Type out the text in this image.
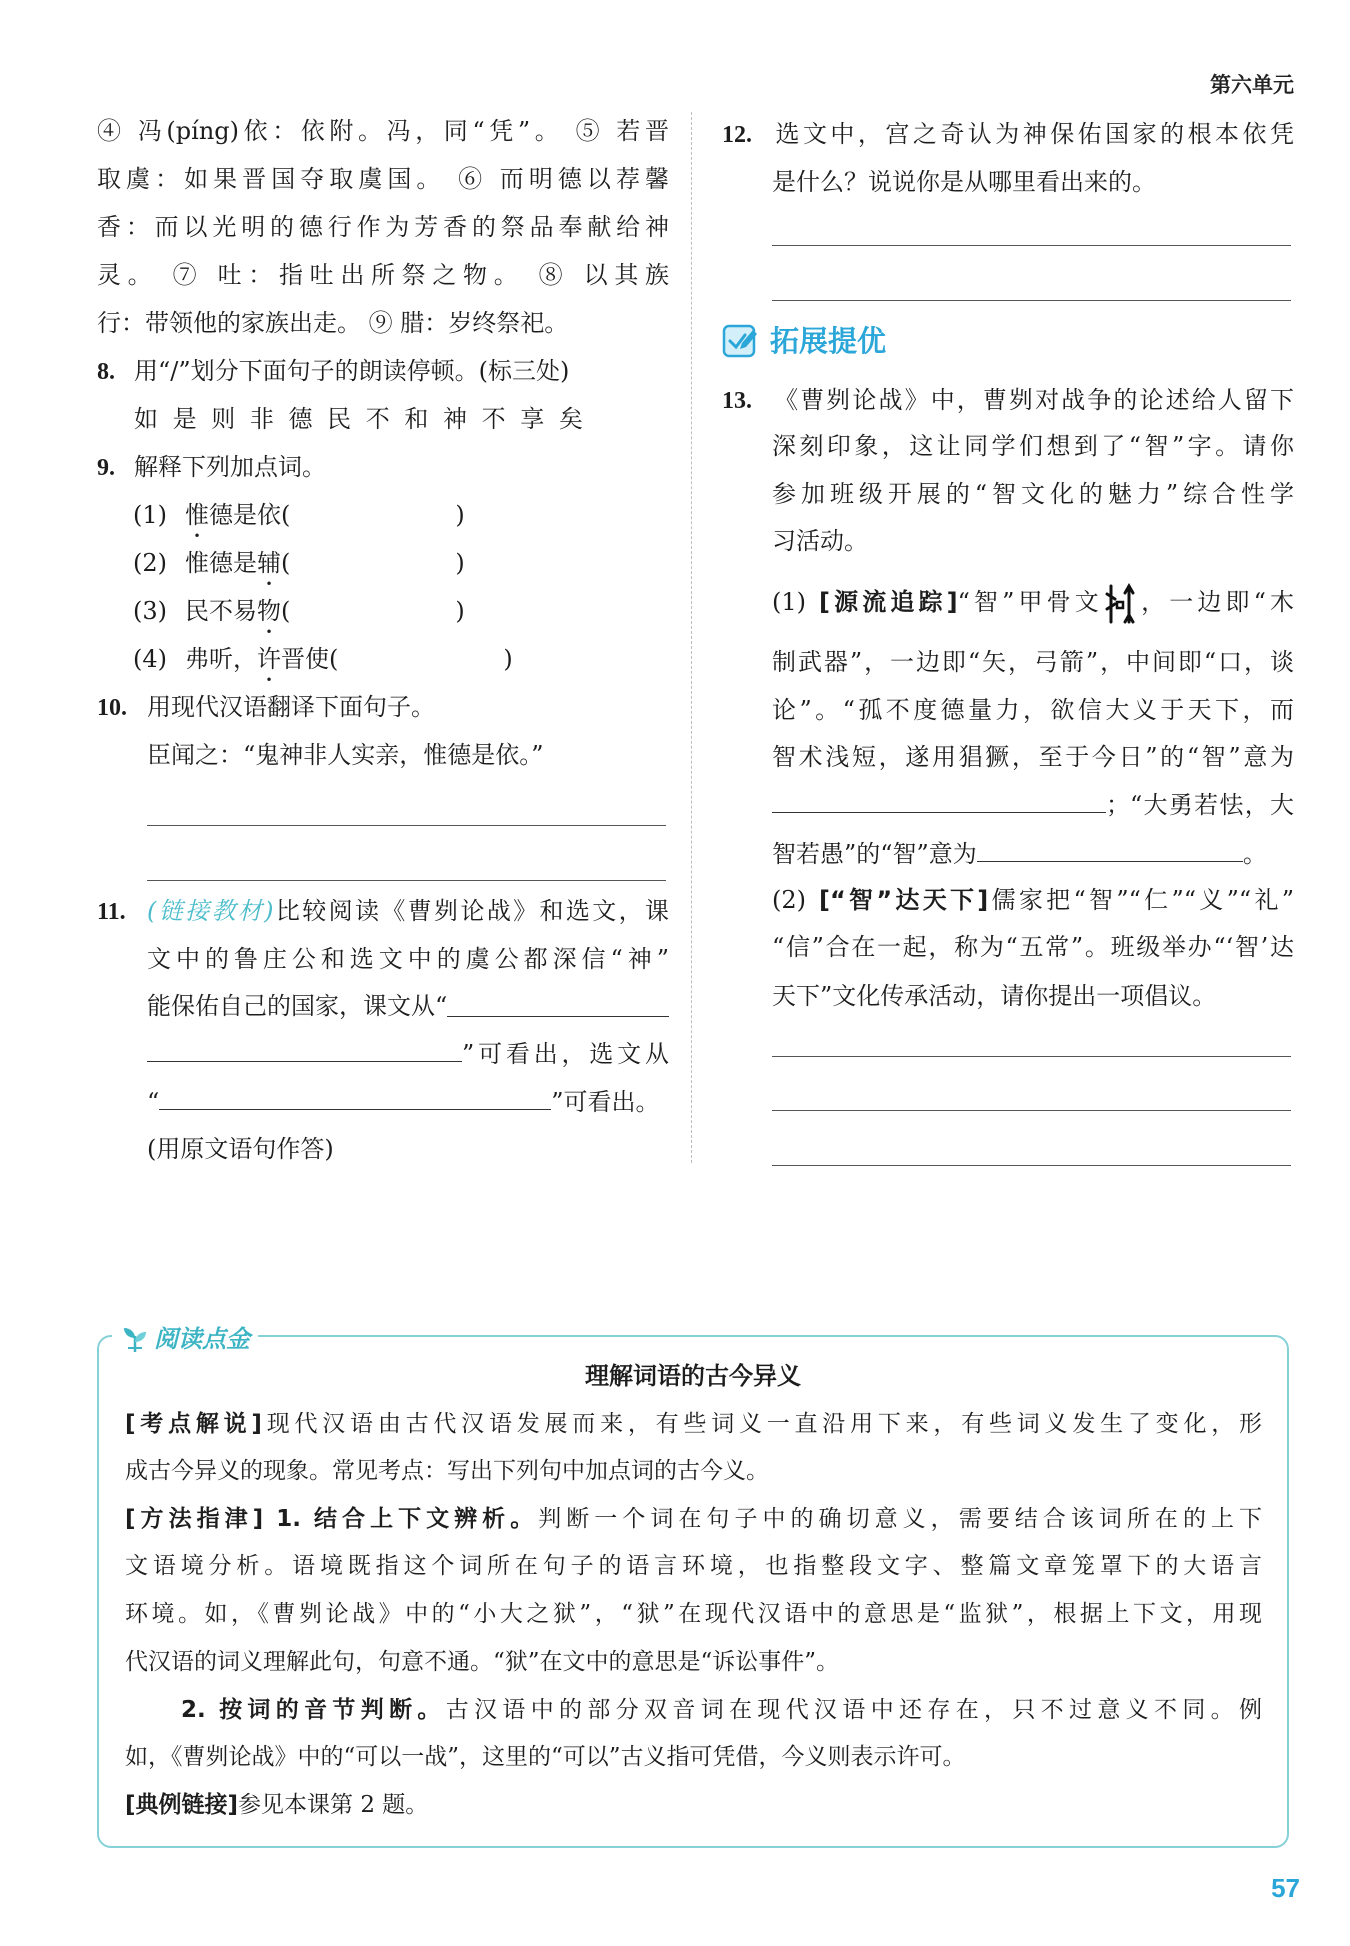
第六单元
④ 冯(píng)依：依附。冯，同“凭”。 ⑤ 若晋
取虞：如果晋国夺取虞国。 ⑥ 而明德以荐馨
香：而以光明的德行作为芳香的祭品奉献给神
灵。 ⑦ 吐：指吐出所祭之物。 ⑧ 以其族
行：带领他的家族出走。 ⑨ 腊：岁终祭祀。
8. 用“/”划分下面句子的朗读停顿。(标三处)
如 是 则 非 德 民 不 和 神 不 享 矣
9. 解释下列加点词。
(1) 惟德是依(	)
(2) 惟德是辅(	)
(3) 民不易物(	)
(4) 弗听，许晋使(	)
10. 用现代汉语翻译下面句子。
臣闻之：“鬼神非人实亲，惟德是依。”
11. (链接教材)比较阅读《曹刿论战》和选文，课
文中的鲁庄公和选文中的虞公都深信“神”
能保佑自己的国家，课文从“
”可看出，选文从
“	”可看出。
(用原文语句作答)
12. 选文中，宫之奇认为神保佑国家的根本依凭
是什么？说说你是从哪里看出来的。
拓展提优
13. 《曹刿论战》中，曹刿对战争的论述给人留下
深刻印象，这让同学们想到了“智”字。请你
参加班级开展的“智文化的魅力”综合性学
习活动。
(1) [源流追踪]“智”甲骨文 ，一边即“木
制武器”，一边即“矢，弓箭”，中间即“口，谈
论”。“孤不度德量力，欲信大义于天下，而
智术浅短，遂用猖獗，至于今日”的“智”意为
；“大勇若怯，大
智若愚”的“智”意为	。
(2) [“智”达天下]儒家把“智”“仁”“义”“礼”
“信”合在一起，称为“五常”。班级举办“‘智’达
天下”文化传承活动，请你提出一项倡议。
阅读点金
理解词语的古今异义
[考点解说]现代汉语由古代汉语发展而来，有些词义一直沿用下来，有些词义发生了变化，形
成古今异义的现象。常见考点：写出下列句中加点词的古今义。
[方法指津] 1. 结合上下文辨析。判断一个词在句子中的确切意义，需要结合该词所在的上下
文语境分析。语境既指这个词所在句子的语言环境，也指整段文字、整篇文章笼罩下的大语言
环境。如，《曹刿论战》中的“小大之狱”，“狱”在现代汉语中的意思是“监狱”，根据上下文，用现
代汉语的词义理解此句，句意不通。“狱”在文中的意思是“诉讼事件”。
2. 按词的音节判断。古汉语中的部分双音词在现代汉语中还存在，只不过意义不同。例
如，《曹刿论战》中的“可以一战”，这里的“可以”古义指可凭借，今义则表示许可。
[典例链接]参见本课第 2 题。
57
